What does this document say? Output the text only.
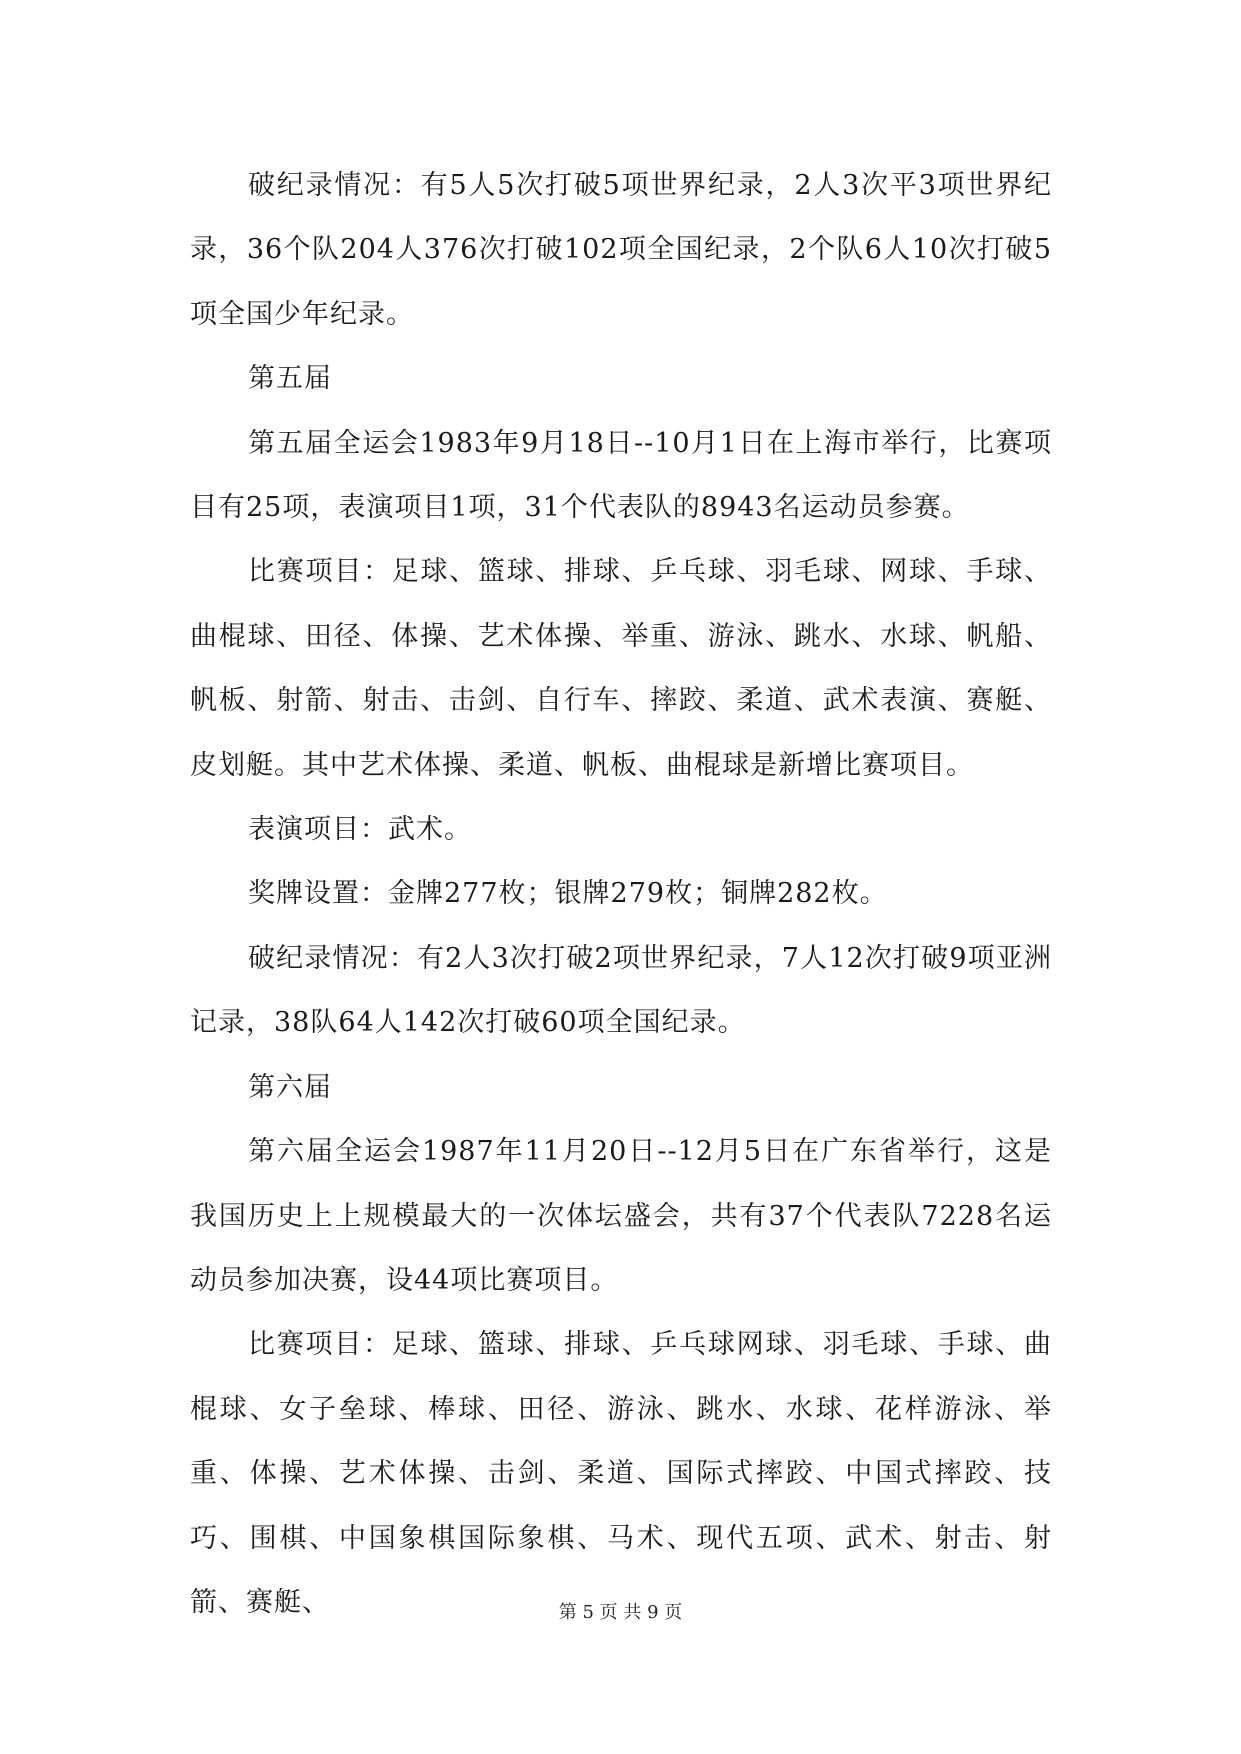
破纪录情况：有5人5次打破5项世界纪录，2人3次平3项世界纪录，36个队204人376次打破102项全国纪录，2个队6人10次打破5项全国少年纪录。

第五届

第五届全运会1983年9月18日--10月1日在上海市举行，比赛项目有25项，表演项目1项，31个代表队的8943名运动员参赛。

比赛项目：足球、篮球、排球、乒乓球、羽毛球、网球、手球、曲棍球、田径、体操、艺术体操、举重、游泳、跳水、水球、帆船、帆板、射箭、射击、击剑、自行车、摔跤、柔道、武术表演、赛艇、皮划艇。其中艺术体操、柔道、帆板、曲棍球是新增比赛项目。

表演项目：武术。

奖牌设置：金牌277枚；银牌279枚；铜牌282枚。

破纪录情况：有2人3次打破2项世界纪录，7人12次打破9项亚洲记录，38队64人142次打破60项全国纪录。

第六届

第六届全运会1987年11月20日--12月5日在广东省举行，这是我国历史上上规模最大的一次体坛盛会，共有37个代表队7228名运动员参加决赛，设44项比赛项目。

比赛项目：足球、篮球、排球、乒乓球网球、羽毛球、手球、曲棍球、女子垒球、棒球、田径、游泳、跳水、水球、花样游泳、举重、体操、艺术体操、击剑、柔道、国际式摔跤、中国式摔跤、技巧、围棋、中国象棋国际象棋、马术、现代五项、武术、射击、射箭、赛艇、	第 5 页 共 9 页
